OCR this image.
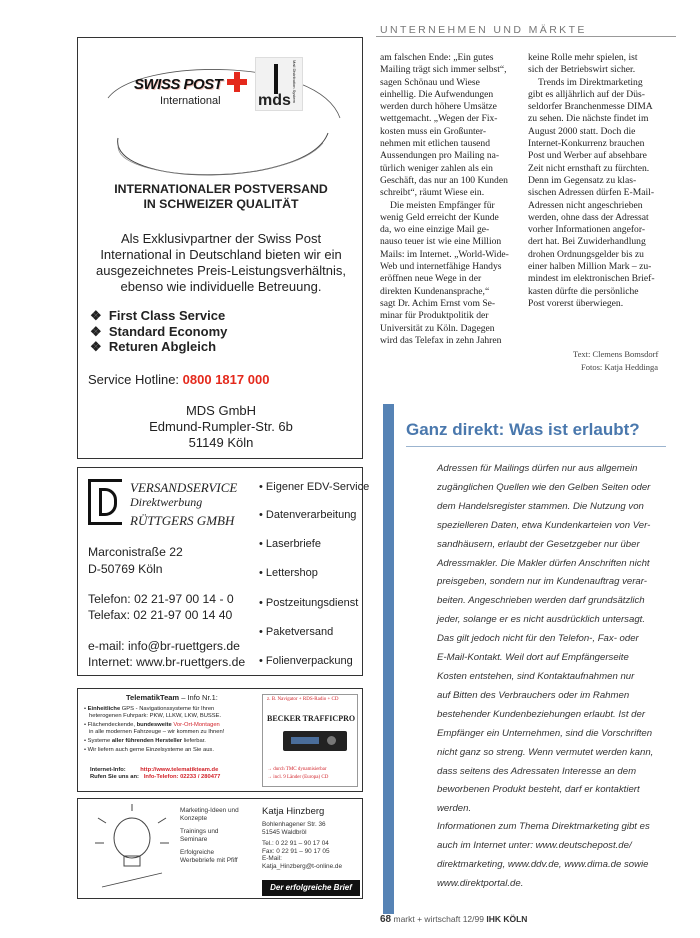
UNTERNEHMEN UND MÄRKTE
SWISS POST
International mds Mail Distribution System
INTERNATIONALER POSTVERSAND
IN SCHWEIZER QUALITÄT
Als Exklusivpartner der Swiss Post
International in Deutschland bieten wir ein
ausgezeichnetes Preis-Leistungsverhältnis,
ebenso wie individuelle Betreuung.
❖ First Class Service
❖ Standard Economy
❖ Returen Abgleich
Service Hotline: 0800 1817 000
MDS GmbH
Edmund-Rumpler-Str. 6b
51149 Köln
VERSANDSERVICE
Direktwerbung
RÜTTGERS GMBH
Marconistraße 22
D-50769 Köln
Telefon: 02 21-97 00 14 - 0
Telefax: 02 21-97 00 14 40
e-mail: info@br-ruettgers.de
Internet: www.br-ruettgers.de
• Eigener EDV-Service
• Datenverarbeitung
• Laserbriefe
• Lettershop
• Postzeitungsdienst
• Paketversand
• Folienverpackung
TelematikTeam – Info Nr.1:
• Einheitliche GPS - Navigationssysteme für Ihren
heterogenen Fuhrpark: PKW, LLKW, LKW, BUSSE.
• Flächendeckende, bundesweite Vor-Ort-Montagen
in alle modernen Fahrzeuge – wir kommen zu Ihnen!
• Systeme aller führenden Hersteller lieferbar.
• Wir liefern auch gerne Einzelsysteme an Sie aus.
Internet-Info:	http://www.telematikteam.de
Rufen Sie uns an: Info-Telefon: 02233 / 280477
z. B. Navigator + RDS-Radio + CD
BECKER TRAFFICPRO
→ durch TMC dynamisierbar
→ incl. 9 Länder (Europa) CD
Marketing-Ideen und
Konzepte
Trainings und
Seminare
Erfolgreiche
Werbebriefe mit Pfiff
Katja Hinzberg
Bohlenhagener Str. 36
51545 Waldbröl
Tel.: 0 22 91 – 90 17 04
Fax: 0 22 91 – 90 17 05
E-Mail:
Katja_Hinzberg@t-online.de
Der erfolgreiche Brief
am falschen Ende: „Ein gutes
Mailing trägt sich immer selbst“,
sagen Schönau und Wiese
einhellig. Die Aufwendungen
werden durch höhere Umsätze
wettgemacht. „Wegen der Fix-
kosten muss ein Großunter-
nehmen mit etlichen tausend
Aussendungen pro Mailing na-
türlich weniger zahlen als ein
Geschäft, das nur an 100 Kunden
schreibt“, räumt Wiese ein.
Die meisten Empfänger für
wenig Geld erreicht der Kunde
da, wo eine einzige Mail ge-
nauso teuer ist wie eine Million
Mails: im Internet. „World-Wide-
Web und internetfähige Handys
eröffnen neue Wege in der
direkten Kundenansprache,“
sagt Dr. Achim Ernst vom Se-
minar für Produktpolitik der
Universität zu Köln. Dagegen
wird das Telefax in zehn Jahren
keine Rolle mehr spielen, ist
sich der Betriebswirt sicher.
Trends im Direktmarketing
gibt es alljährlich auf der Düs-
seldorfer Branchenmesse DIMA
zu sehen. Die nächste findet im
August 2000 statt. Doch die
Internet-Konkurrenz brauchen
Post und Werber auf absehbare
Zeit nicht ernsthaft zu fürchten.
Denn im Gegensatz zu klas-
sischen Adressen dürfen E-Mail-
Adressen nicht angeschrieben
werden, ohne dass der Adressat
vorher Informationen angefor-
dert hat. Bei Zuwiderhandlung
drohen Ordnungsgelder bis zu
einer halben Million Mark – zu-
mindest im elektronischen Brief-
kasten dürfte die persönliche
Post vorerst überwiegen.
Text: Clemens Bomsdorf
Fotos: Katja Heddinga
Ganz direkt: Was ist erlaubt?
Adressen für Mailings dürfen nur aus allgemein
zugänglichen Quellen wie den Gelben Seiten oder
dem Handelsregister stammen. Die Nutzung von
spezielleren Daten, etwa Kundenkarteien von Ver-
sandhäusern, erlaubt der Gesetzgeber nur über
Adressmakler. Die Makler dürfen Anschriften nicht
preisgeben, sondern nur im Kundenauftrag verar-
beiten. Angeschrieben werden darf grundsätzlich
jeder, solange er es nicht ausdrücklich untersagt.
Das gilt jedoch nicht für den Telefon-, Fax- oder
E-Mail-Kontakt. Weil dort auf Empfängerseite
Kosten entstehen, sind Kontaktaufnahmen nur
auf Bitten des Verbrauchers oder im Rahmen
bestehender Kundenbeziehungen erlaubt. Ist der
Empfänger ein Unternehmen, sind die Vorschriften
nicht ganz so streng. Wenn vermutet werden kann,
dass seitens des Adressaten Interesse an dem
beworbenen Produkt besteht, darf er kontaktiert
werden.
Informationen zum Thema Direktmarketing gibt es
auch im Internet unter: www.deutschepost.de/
direktmarketing, www.ddv.de, www.dima.de sowie
www.direktportal.de.
68 markt + wirtschaft 12/99 IHK KÖLN
